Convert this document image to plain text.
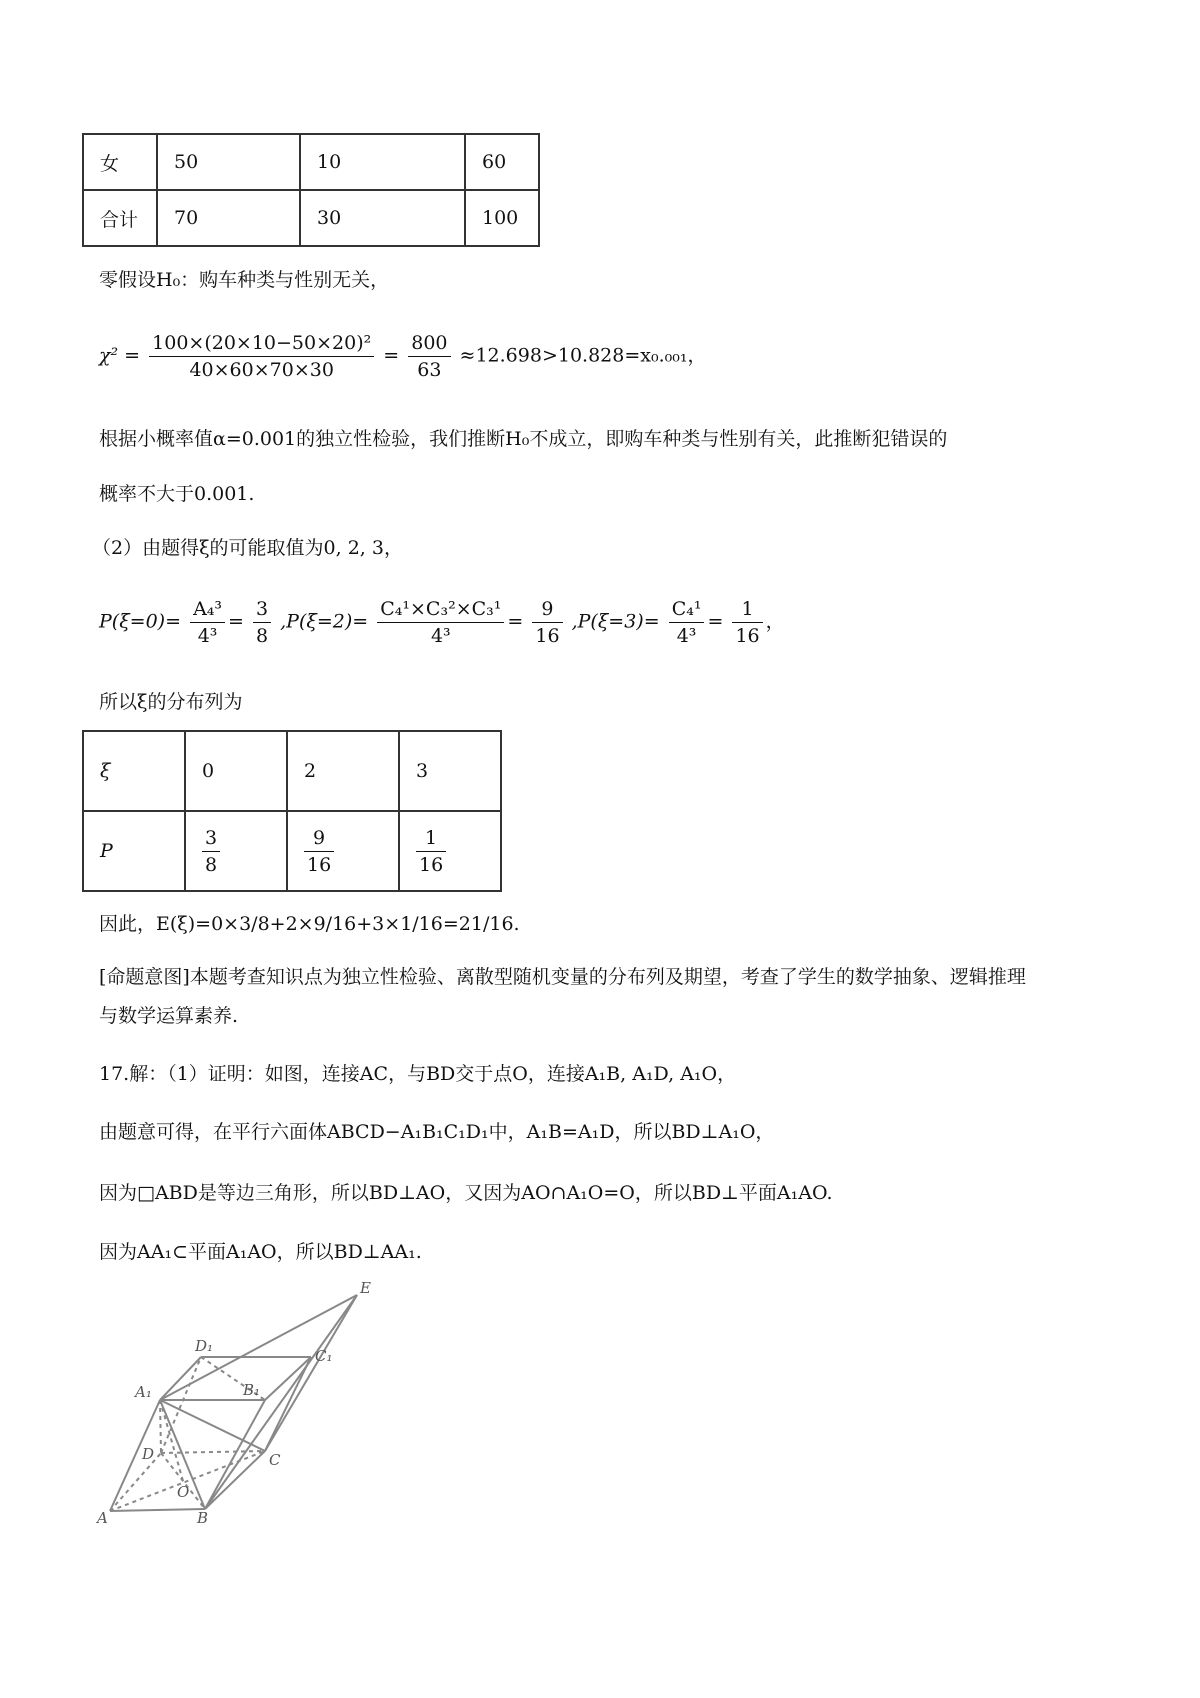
女	50	10	60
合计	70	30	100
零假设H₀：购车种类与性别无关，
$\chi^2 = \frac{\text{100×(20×10−50×20)²}}{40\times 60\times 70\times 30} = \frac{800}{63} \approx 12.698>10.828=x_0._{001}$，
根据小概率值α=0.001的独立性检验，我们推断H₀不成立，即购车种类与性别有关，此推断犯错误的
概率不大于0.001.
（2）由题得ξ的可能取值为0, 2, 3，
$P(\xi=0)= \frac{\text{A₄³}}{\text{4³}} = \frac{3}{8} ,P(\xi=2)= \frac{\text{C₄¹×C₃²×C₃¹}}{\text{4³}} = \frac{9}{16} ,P(\xi=3)= \frac{\text{C₄¹}}{\text{4³}} = \frac{1}{16}$ ，
所以ξ的分布列为
ξ	0	2	3
P	$\frac{3}{8}$	$\frac{9}{16}$	$\frac{1}{16}$
因此，E(ξ)=0×3/8+2×9/16+3×1/16=21/16.
[命题意图]本题考查知识点为独立性检验、离散型随机变量的分布列及期望，考查了学生的数学抽象、逻辑推理
与数学运算素养.
17.解：（1）证明：如图，连接AC，与BD交于点O，连接A₁B, A₁D, A₁O，
由题意可得，在平行六面体ABCD−A₁B₁C₁D₁中，A₁B=A₁D，所以BD⊥A₁O，
因为□ABD是等边三角形，所以BD⊥AO，又因为AO∩A₁O=O，所以BD⊥平面A₁AO.
因为AA₁⊂平面A₁AO，所以BD⊥AA₁.
E
D₁
C₁
A₁	B₁
D	C
O
A	B
